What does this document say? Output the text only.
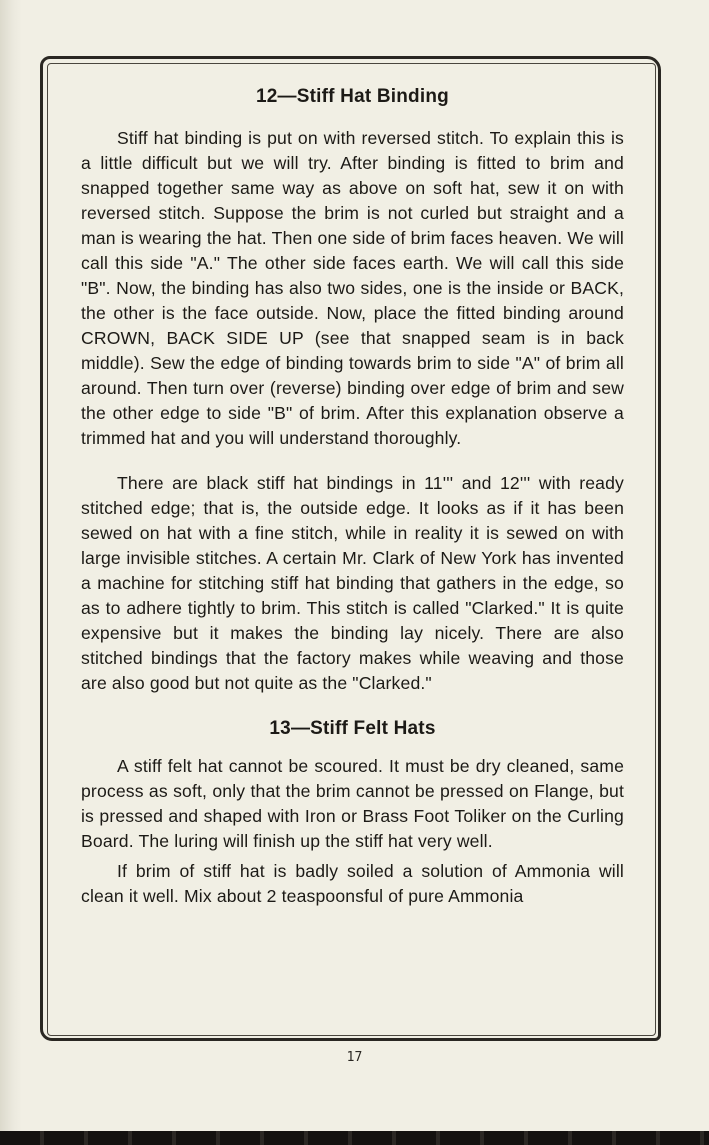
12—Stiff Hat Binding

Stiff hat binding is put on with reversed stitch. To explain this is a little difficult but we will try. After binding is fitted to brim and snapped together same way as above on soft hat, sew it on with reversed stitch. Suppose the brim is not curled but straight and a man is wearing the hat. Then one side of brim faces heaven. We will call this side "A." The other side faces earth. We will call this side "B". Now, the binding has also two sides, one is the inside or BACK, the other is the face outside. Now, place the fitted binding around CROWN, BACK SIDE UP (see that snapped seam is in back middle). Sew the edge of binding towards brim to side "A" of brim all around. Then turn over (reverse) binding over edge of brim and sew the other edge to side "B" of brim. After this explanation observe a trimmed hat and you will understand thoroughly.

There are black stiff hat bindings in 11''' and 12''' with ready stitched edge; that is, the outside edge. It looks as if it has been sewed on hat with a fine stitch, while in reality it is sewed on with large invisible stitches. A certain Mr. Clark of New York has invented a machine for stitching stiff hat binding that gathers in the edge, so as to adhere tightly to brim. This stitch is called "Clarked." It is quite expensive but it makes the binding lay nicely. There are also stitched bindings that the factory makes while weaving and those are also good but not quite as the "Clarked."

13—Stiff Felt Hats

A stiff felt hat cannot be scoured. It must be dry cleaned, same process as soft, only that the brim cannot be pressed on Flange, but is pressed and shaped with Iron or Brass Foot Toliker on the Curling Board. The luring will finish up the stiff hat very well.

If brim of stiff hat is badly soiled a solution of Ammonia will clean it well. Mix about 2 teaspoonsful of pure Ammonia

17
